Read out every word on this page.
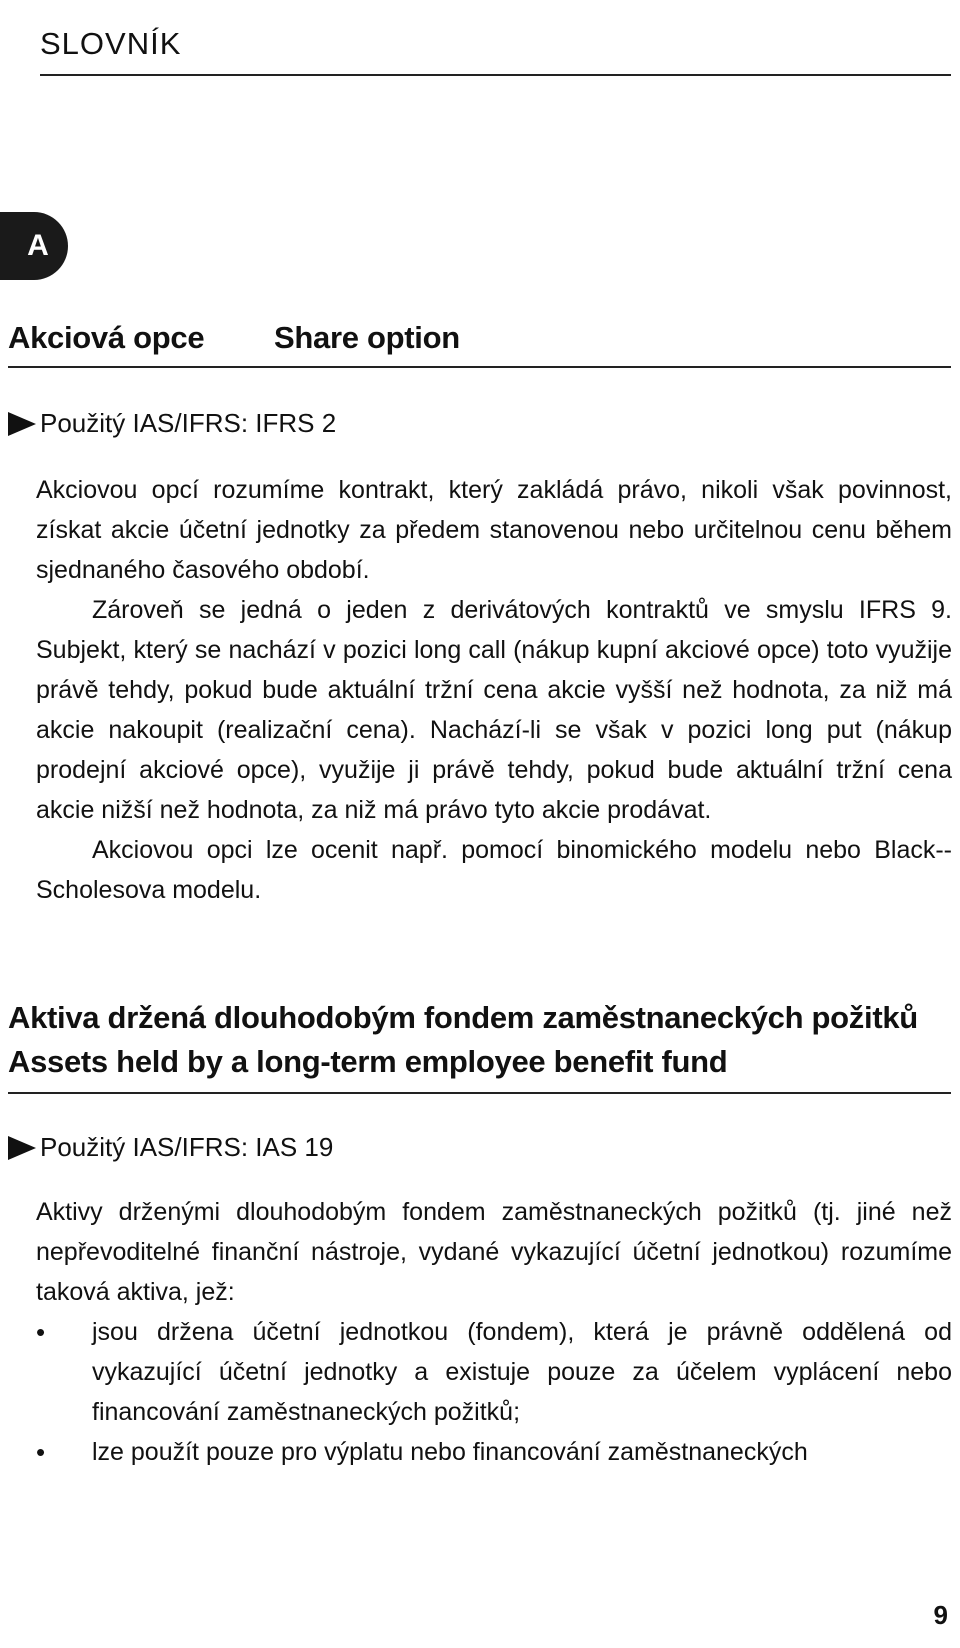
SLOVNÍK
A
Akciová opce Share option
Použitý IAS/IFRS: IFRS 2

Akciovou opcí rozumíme kontrakt, který zakládá právo, nikoli však povinnost, získat akcie účetní jednotky za předem stanovenou nebo určitelnou cenu během sjednaného časového období.

Zároveň se jedná o jeden z derivátových kontraktů ve smyslu IFRS 9. Subjekt, který se nachází v pozici long call (nákup kupní akciové opce) toto využije právě tehdy, pokud bude aktuální tržní cena akcie vyšší než hodnota, za niž má akcie nakoupit (realizační cena). Nachází-li se však v pozici long put (nákup prodejní akciové opce), využije ji právě tehdy, pokud bude aktuální tržní cena akcie nižší než hodnota, za niž má právo tyto akcie prodávat.

Akciovou opci lze ocenit např. pomocí binomického modelu nebo Black--Scholesova modelu.

Aktiva držená dlouhodobým fondem zaměstnaneckých požitků
Assets held by a long-term employee benefit fund
Použitý IAS/IFRS: IAS 19

Aktivy drženými dlouhodobým fondem zaměstnaneckých požitků (tj. jiné než nepřevoditelné finanční nástroje, vydané vykazující účetní jednotkou) rozumíme taková aktiva, jež:

•	jsou držena účetní jednotkou (fondem), která je právně oddělená od vykazující účetní jednotky a existuje pouze za účelem vyplácení nebo financování zaměstnaneckých požitků;
•	lze použít pouze pro výplatu nebo financování zaměstnaneckých
9
